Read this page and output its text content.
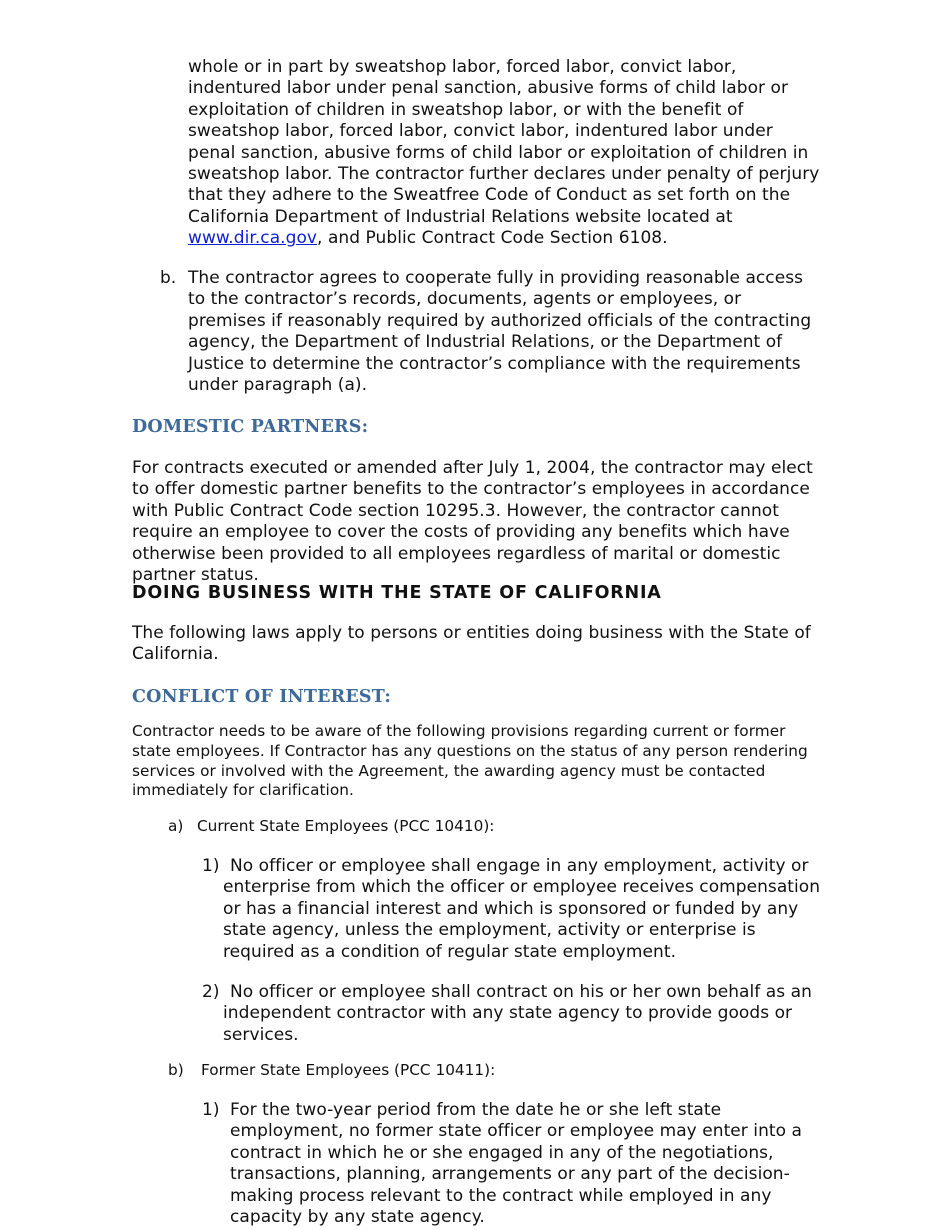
whole or in part by sweatshop labor, forced labor, convict labor, indentured labor under penal sanction, abusive forms of child labor or exploitation of children in sweatshop labor, or with the benefit of sweatshop labor, forced labor, convict labor, indentured labor under penal sanction, abusive forms of child labor or exploitation of children in sweatshop labor. The contractor further declares under penalty of perjury that they adhere to the Sweatfree Code of Conduct as set forth on the California Department of Industrial Relations website located at www.dir.ca.gov, and Public Contract Code Section 6108.

b. The contractor agrees to cooperate fully in providing reasonable access to the contractor’s records, documents, agents or employees, or premises if reasonably required by authorized officials of the contracting agency, the Department of Industrial Relations, or the Department of Justice to determine the contractor’s compliance with the requirements under paragraph (a).

DOMESTIC PARTNERS:

For contracts executed or amended after July 1, 2004, the contractor may elect to offer domestic partner benefits to the contractor’s employees in accordance with Public Contract Code section 10295.3. However, the contractor cannot require an employee to cover the costs of providing any benefits which have otherwise been provided to all employees regardless of marital or domestic partner status.

DOING BUSINESS WITH THE STATE OF CALIFORNIA

The following laws apply to persons or entities doing business with the State of California.

CONFLICT OF INTEREST:

Contractor needs to be aware of the following provisions regarding current or former state employees. If Contractor has any questions on the status of any person rendering services or involved with the Agreement, the awarding agency must be contacted immediately for clarification.

a) Current State Employees (PCC 10410):
1) No officer or employee shall engage in any employment, activity or enterprise from which the officer or employee receives compensation or has a financial interest and which is sponsored or funded by any state agency, unless the employment, activity or enterprise is required as a condition of regular state employment.

2) No officer or employee shall contract on his or her own behalf as an independent contractor with any state agency to provide goods or services.

b) Former State Employees (PCC 10411):
1) For the two-year period from the date he or she left state employment, no former state officer or employee may enter into a contract in which he or she engaged in any of the negotiations, transactions, planning, arrangements or any part of the decision-making process relevant to the contract while employed in any capacity by any state agency.
